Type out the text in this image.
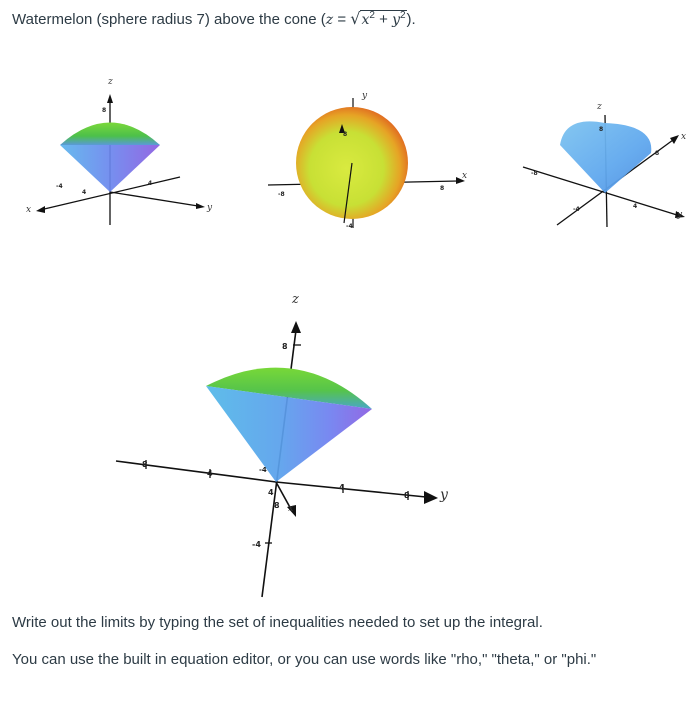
Watermelon (sphere radius 7) above the cone $(z = √x^2 + y^2)$.
z
x	y
8
-4
4
4
y
x
8
-8
8
-4
z
x
y
8
8
-8
4
-4
z
y
x
8
8
4	-4
4
8
4
8
-4
Write out the limits by typing the set of inequalities needed to set up the integral.
You can use the built in equation editor, or you can use words like "rho," "theta," or "phi."
